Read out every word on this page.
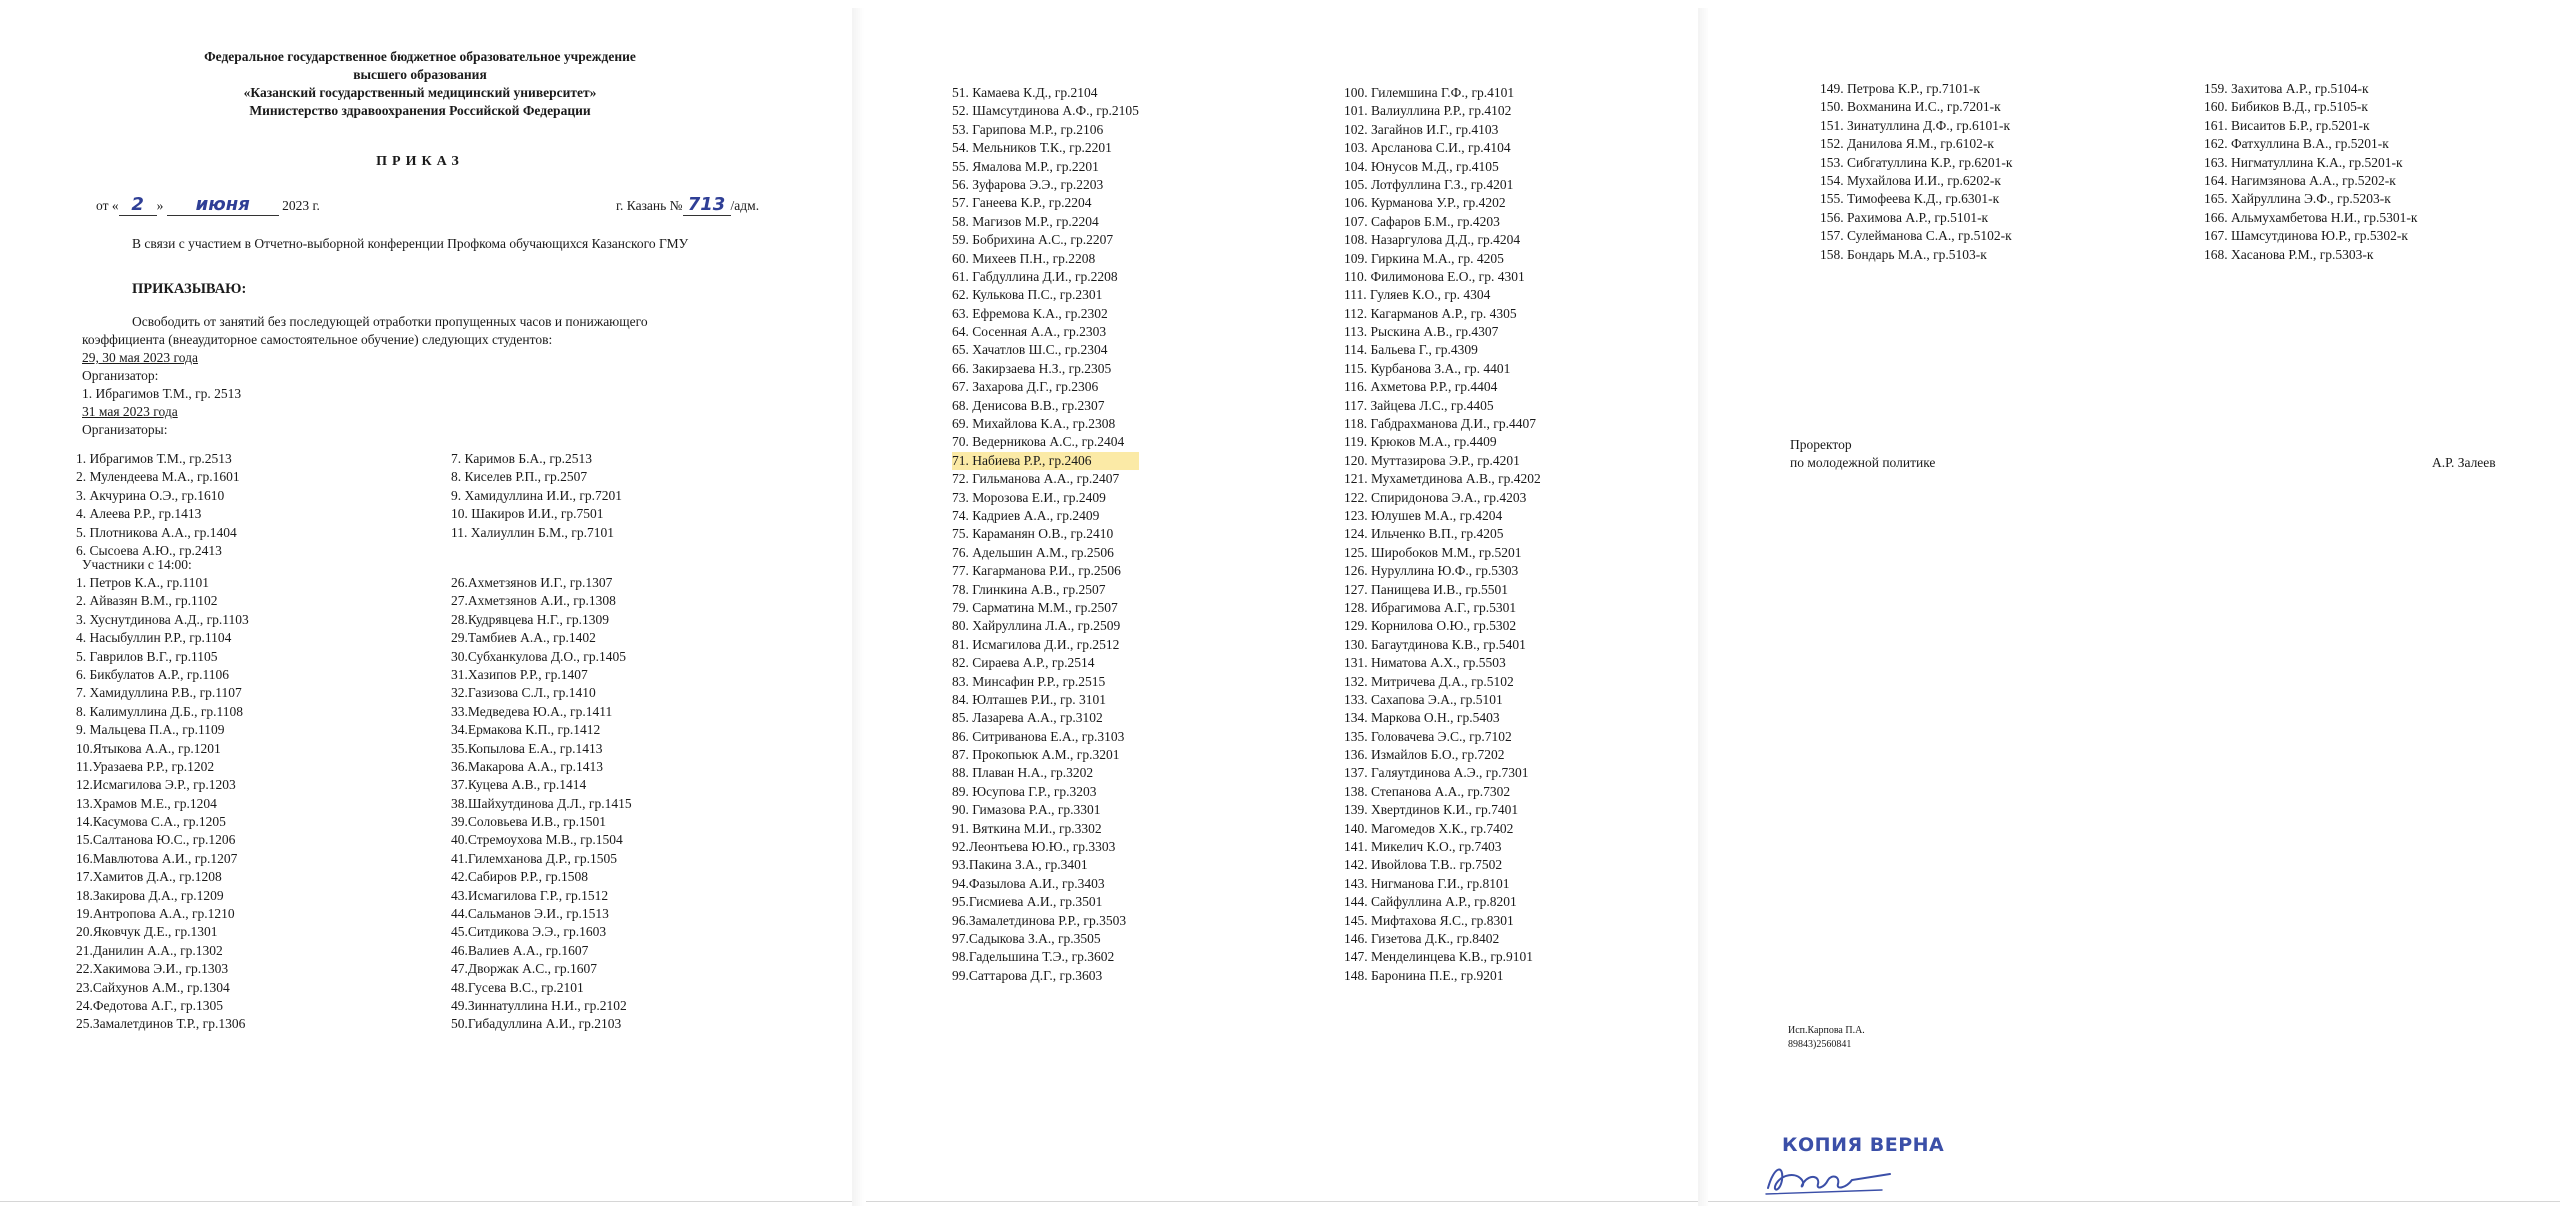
Федеральное государственное бюджетное образовательное учреждение
высшего образования
«Казанский государственный медицинский университет»
Министерство здравоохранения Российской Федерации
ПРИКАЗ
от « 2 » июня 2023 г.	г. Казань № 713 /адм.
В связи с участием в Отчетно-выборной конференции Профкома обучающихся Казанского ГМУ
ПРИКАЗЫВАЮ:
Освободить от занятий без последующей отработки пропущенных часов и понижающего
коэффициента (внеаудиторное самостоятельное обучение) следующих студентов:
29, 30 мая 2023 года
Организатор:
1. Ибрагимов Т.М., гр. 2513
31 мая 2023 года
Организаторы:
1. Ибрагимов Т.М., гр.2513
2. Мулендеева М.А., гр.1601
3. Акчурина О.Э., гр.1610
4. Алеева Р.Р., гр.1413
5. Плотникова А.А., гр.1404
6. Сысоева А.Ю., гр.2413
7. Каримов Б.А., гр.2513
8. Киселев Р.П., гр.2507
9. Хамидуллина И.И., гр.7201
10. Шакиров И.И., гр.7501
11. Халиуллин Б.М., гр.7101
Участники с 14:00:
1. Петров К.А., гр.1101
2. Айвазян В.М., гр.1102
3. Хуснутдинова А.Д., гр.1103
4. Насыбуллин Р.Р., гр.1104
5. Гаврилов В.Г., гр.1105
6. Бикбулатов А.Р., гр.1106
7. Хамидуллина Р.В., гр.1107
8. Калимуллина Д.Б., гр.1108
9. Мальцева П.А., гр.1109
10.Ятыкова А.А., гр.1201
11.Уразаева Р.Р., гр.1202
12.Исмагилова Э.Р., гр.1203
13.Храмов М.Е., гр.1204
14.Касумова С.А., гр.1205
15.Салтанова Ю.С., гр.1206
16.Мавлютова А.И., гр.1207
17.Хамитов Д.А., гр.1208
18.Закирова Д.А., гр.1209
19.Антропова А.А., гр.1210
20.Яковчук Д.Е., гр.1301
21.Данилин А.А., гр.1302
22.Хакимова Э.И., гр.1303
23.Сайхунов А.М., гр.1304
24.Федотова А.Г., гр.1305
25.Замалетдинов Т.Р., гр.1306
26.Ахметзянов И.Г., гр.1307
27.Ахметзянов А.И., гр.1308
28.Кудрявцева Н.Г., гр.1309
29.Тамбиев А.А., гр.1402
30.Субханкулова Д.О., гр.1405
31.Хазипов Р.Р., гр.1407
32.Газизова С.Л., гр.1410
33.Медведева Ю.А., гр.1411
34.Ермакова К.П., гр.1412
35.Копылова Е.А., гр.1413
36.Макарова А.А., гр.1413
37.Куцева А.В., гр.1414
38.Шайхутдинова Д.Л., гр.1415
39.Соловьева И.В., гр.1501
40.Стремоухова М.В., гр.1504
41.Гилемханова Д.Р., гр.1505
42.Сабиров Р.Р., гр.1508
43.Исмагилова Г.Р., гр.1512
44.Сальманов Э.И., гр.1513
45.Ситдикова Э.Э., гр.1603
46.Валиев А.А., гр.1607
47.Дворжак А.С., гр.1607
48.Гусева В.С., гр.2101
49.Зиннатуллина Н.И., гр.2102
50.Гибадуллина А.И., гр.2103
51. Камаева К.Д., гр.2104
52. Шамсутдинова А.Ф., гр.2105
53. Гарипова М.Р., гр.2106
54. Мельников Т.К., гр.2201
55. Ямалова М.Р., гр.2201
56. Зуфарова Э.Э., гр.2203
57. Ганеева К.Р., гр.2204
58. Магизов М.Р., гр.2204
59. Бобрихина А.С., гр.2207
60. Михеев П.Н., гр.2208
61. Габдуллина Д.И., гр.2208
62. Кулькова П.С., гр.2301
63. Ефремова К.А., гр.2302
64. Сосенная А.А., гр.2303
65. Хачатлов Ш.С., гр.2304
66. Закирзаева Н.З., гр.2305
67. Захарова Д.Г., гр.2306
68. Денисова В.В., гр.2307
69. Михайлова К.А., гр.2308
70. Ведерникова А.С., гр.2404
71. Набиева Р.Р., гр.2406
72. Гильманова А.А., гр.2407
73. Морозова Е.И., гр.2409
74. Кадриев А.А., гр.2409
75. Караманян О.В., гр.2410
76. Адельшин А.М., гр.2506
77. Кагарманова Р.И., гр.2506
78. Глинкина А.В., гр.2507
79. Сарматина М.М., гр.2507
80. Хайруллина Л.А., гр.2509
81. Исмагилова Д.И., гр.2512
82. Сираева А.Р., гр.2514
83. Минсафин Р.Р., гр.2515
84. Юлташев Р.И., гр. 3101
85. Лазарева А.А., гр.3102
86. Ситриванова Е.А., гр.3103
87. Прокопьюк А.М., гр.3201
88. Плаван Н.А., гр.3202
89. Юсупова Г.Р., гр.3203
90. Гимазова Р.А., гр.3301
91. Вяткина М.И., гр.3302
92.Леонтьева Ю.Ю., гр.3303
93.Пакина З.А., гр.3401
94.Фазылова А.И., гр.3403
95.Гисмиева А.И., гр.3501
96.Замалетдинова Р.Р., гр.3503
97.Садыкова З.А., гр.3505
98.Гадельшина Т.Э., гр.3602
99.Саттарова Д.Г., гр.3603
100. Гилемшина Г.Ф., гр.4101
101. Валиуллина Р.Р., гр.4102
102. Загайнов И.Г., гр.4103
103. Арсланова С.И., гр.4104
104. Юнусов М.Д., гр.4105
105. Лотфуллина Г.З., гр.4201
106. Курманова У.Р., гр.4202
107. Сафаров Б.М., гр.4203
108. Назаргулова Д.Д., гр.4204
109. Гиркина М.А., гр. 4205
110. Филимонова Е.О., гр. 4301
111. Гуляев К.О., гр. 4304
112. Кагарманов А.Р., гр. 4305
113. Рыскина А.В., гр.4307
114. Бальева Г., гр.4309
115. Курбанова З.А., гр. 4401
116. Ахметова Р.Р., гр.4404
117. Зайцева Л.С., гр.4405
118. Габдрахманова Д.И., гр.4407
119. Крюков М.А., гр.4409
120. Муттазирова Э.Р., гр.4201
121. Мухаметдинова А.В., гр.4202
122. Спиридонова Э.А., гр.4203
123. Юлушев М.А., гр.4204
124. Ильченко В.П., гр.4205
125. Широбоков М.М., гр.5201
126. Нуруллина Ю.Ф., гр.5303
127. Панищева И.В., гр.5501
128. Ибрагимова А.Г., гр.5301
129. Корнилова О.Ю., гр.5302
130. Багаутдинова К.В., гр.5401
131. Ниматова А.Х., гр.5503
132. Митричева Д.А., гр.5102
133. Сахапова Э.А., гр.5101
134. Маркова О.Н., гр.5403
135. Головачева Э.С., гр.7102
136. Измайлов Б.О., гр.7202
137. Галяутдинова А.Э., гр.7301
138. Степанова А.А., гр.7302
139. Хвертдинов К.И., гр.7401
140. Магомедов Х.К., гр.7402
141. Микелич К.О., гр.7403
142. Ивойлова Т.В.. гр.7502
143. Нигманова Г.И., гр.8101
144. Сайфуллина А.Р., гр.8201
145. Мифтахова Я.С., гр.8301
146. Гизетова Д.К., гр.8402
147. Менделинцева К.В., гр.9101
148. Баронина П.Е., гр.9201
149. Петрова К.Р., гр.7101-к
150. Вохманина И.С., гр.7201-к
151. Зинатуллина Д.Ф., гр.6101-к
152. Данилова Я.М., гр.6102-к
153. Сибгатуллина К.Р., гр.6201-к
154. Мухайлова И.И., гр.6202-к
155. Тимофеева К.Д., гр.6301-к
156. Рахимова А.Р., гр.5101-к
157. Сулейманова С.А., гр.5102-к
158. Бондарь М.А., гр.5103-к
159. Захитова А.Р., гр.5104-к
160. Бибиков В.Д., гр.5105-к
161. Висаитов Б.Р., гр.5201-к
162. Фатхуллина В.А., гр.5201-к
163. Нигматуллина К.А., гр.5201-к
164. Нагимзянова А.А., гр.5202-к
165. Хайруллина Э.Ф., гр.5203-к
166. Альмухамбетова Н.И., гр.5301-к
167. Шамсутдинова Ю.Р., гр.5302-к
168. Хасанова Р.М., гр.5303-к
Проректор
по молодежной политике	А.Р. Залеев
Исп.Карпова П.А.
89843)2560841
КОПИЯ ВЕРНА
